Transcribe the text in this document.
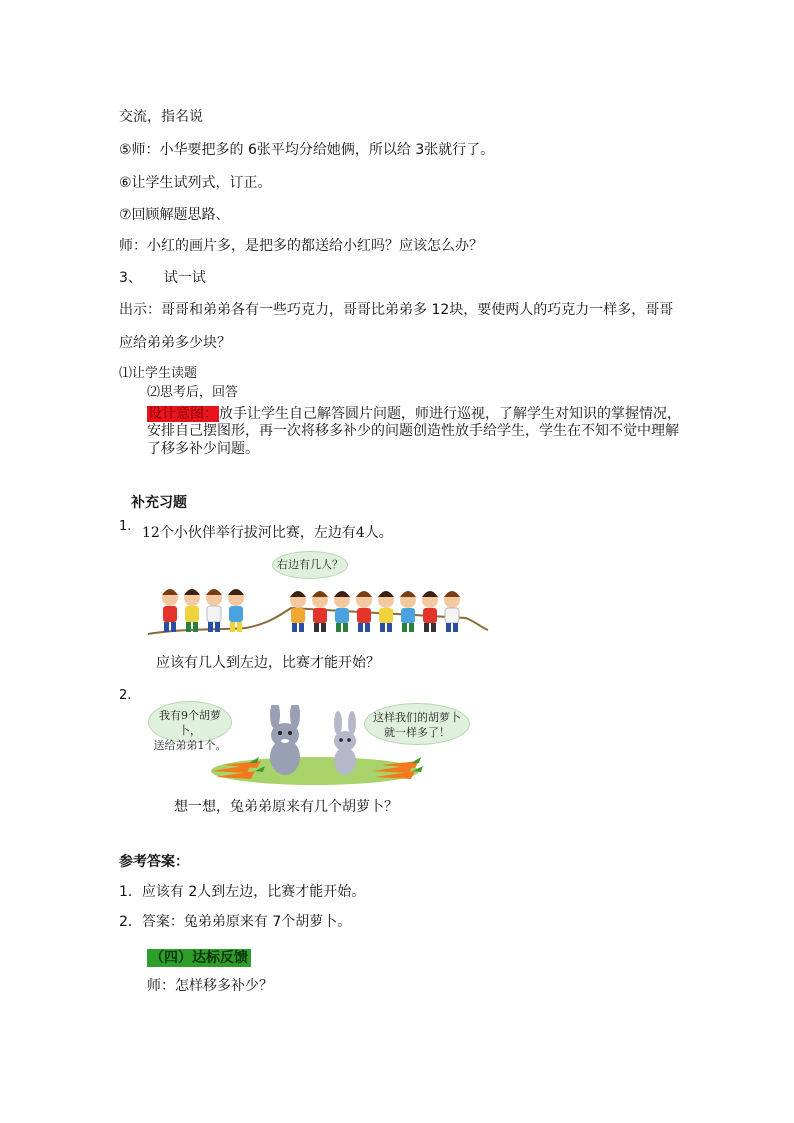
交流，指名说
⑤师：小华要把多的 6张平均分给她俩，所以给 3张就行了。
⑥让学生试列式，订正。
⑦回顾解题思路、
师：小红的画片多，是把多的都送给小红吗？应该怎么办？
3、 试一试
出示：哥哥和弟弟各有一些巧克力，哥哥比弟弟多 12块，要使两人的巧克力一样多，哥哥
应给弟弟多少块？
⑴让学生读题
⑵思考后，回答
设计意图：放手让学生自己解答圆片问题，师进行巡视，了解学生对知识的掌握情况，
安排自己摆图形，再一次将移多补少的问题创造性放手给学生，学生在不知不觉中理解
了移多补少问题。
补充习题
1. 12个小伙伴举行拔河比赛，左边有4人。
右边有几人？
应该有几人到左边，比赛才能开始？
2.
我有9个胡萝卜，
送给弟弟1个。
这样我们的胡萝卜
就一样多了！
想一想，兔弟弟原来有几个胡萝卜？
参考答案：
1．应该有 2人到左边，比赛才能开始。
2．答案：兔弟弟原来有 7个胡萝卜。
（四）达标反馈
师：怎样移多补少？
